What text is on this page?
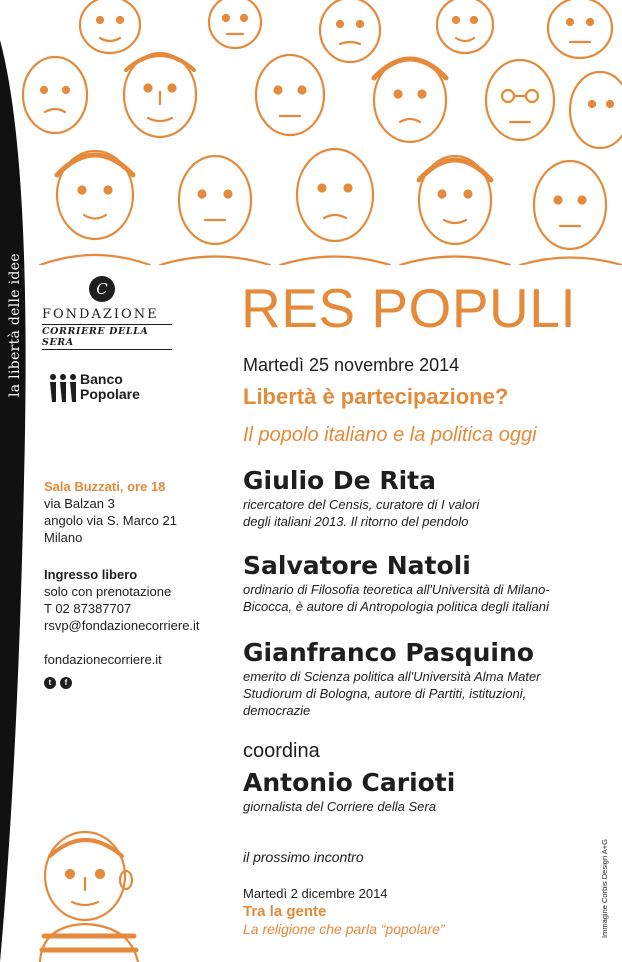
la libertà delle idee	C
FONDAZIONE
CORRIERE DELLA SERA
Banco
Popolare
Sala Buzzati, ore 18
via Balzan 3
angolo via S. Marco 21
Milano
Ingresso libero
solo con prenotazione
T 02 87387707
rsvp@fondazionecorriere.it
fondazionecorriere.it
t f
RES POPULI
Martedì 25 novembre 2014
Libertà è partecipazione?
Il popolo italiano e la politica oggi
Giulio De Rita
ricercatore del Censis, curatore di I valori
degli italiani 2013. Il ritorno del pendolo
Salvatore Natoli
ordinario di Filosofia teoretica all'Università di Milano-
Bicocca, è autore di Antropologia politica degli italiani
Gianfranco Pasquino
emerito di Scienza politica all'Università Alma Mater
Studiorum di Bologna, autore di Partiti, istituzioni,
democrazie
coordina
Antonio Carioti
giornalista del Corriere della Sera
il prossimo incontro
Martedì 2 dicembre 2014
Tra la gente
La religione che parla “popolare”	Immagine Corbis Design A+G
